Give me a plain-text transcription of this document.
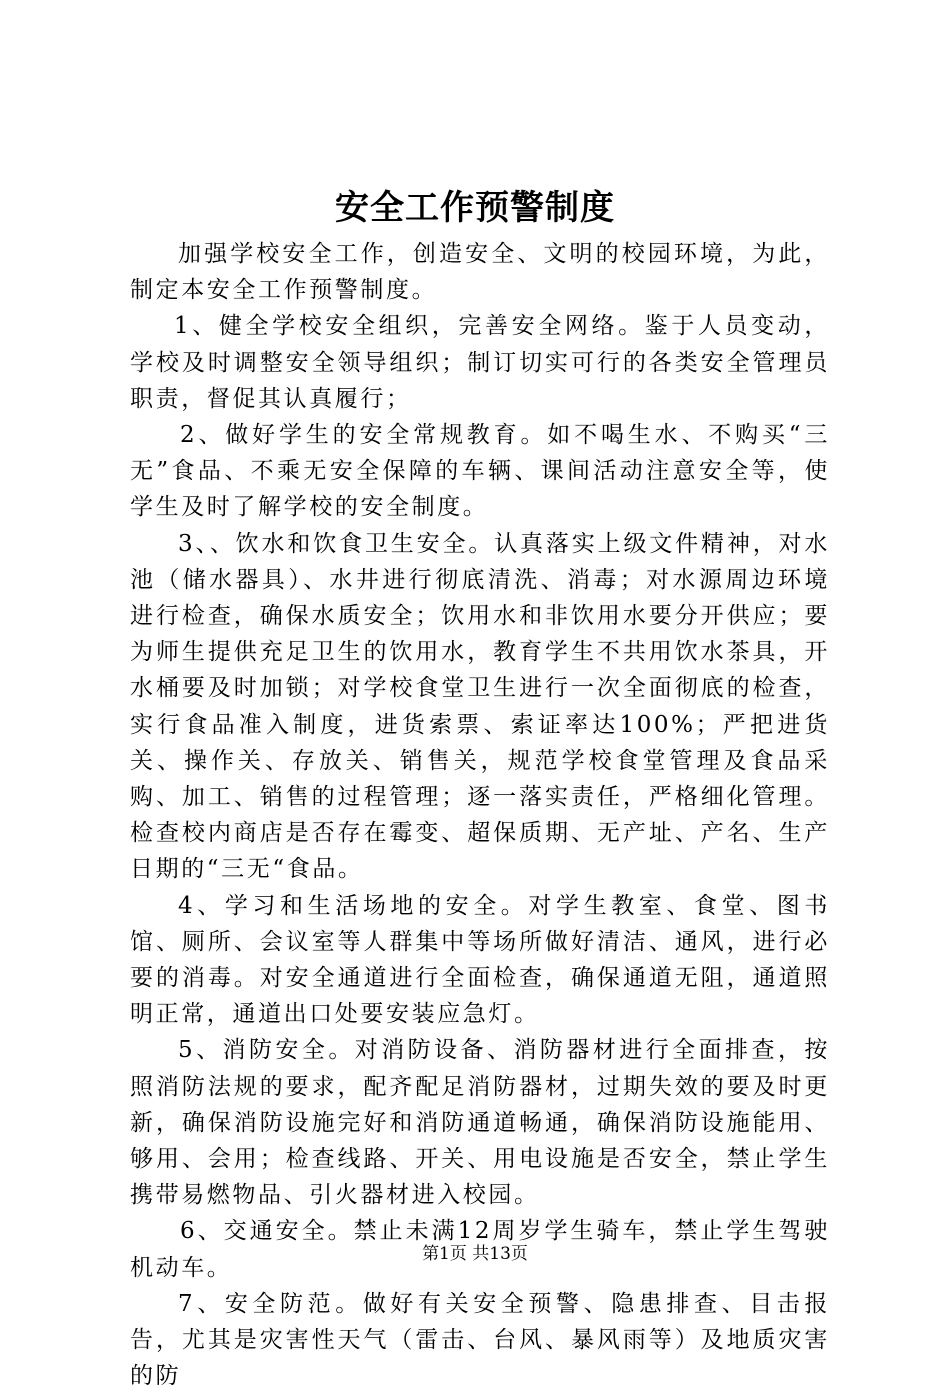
安全工作预警制度

加强学校安全工作，创造安全、文明的校园环境，为此，制定本安全工作预警制度。

1、健全学校安全组织，完善安全网络。鉴于人员变动，学校及时调整安全领导组织；制订切实可行的各类安全管理员职责，督促其认真履行；

2、做好学生的安全常规教育。如不喝生水、不购买“三无”食品、不乘无安全保障的车辆、课间活动注意安全等，使学生及时了解学校的安全制度。

3、、饮水和饮食卫生安全。认真落实上级文件精神，对水池（储水器具）、水井进行彻底清洗、消毒；对水源周边环境进行检查，确保水质安全；饮用水和非饮用水要分开供应；要为师生提供充足卫生的饮用水，教育学生不共用饮水茶具，开水桶要及时加锁；对学校食堂卫生进行一次全面彻底的检查，实行食品准入制度，进货索票、索证率达100%；严把进货关、操作关、存放关、销售关，规范学校食堂管理及食品采购、加工、销售的过程管理；逐一落实责任，严格细化管理。检查校内商店是否存在霉变、超保质期、无产址、产名、生产日期的“三无“食品。

4、学习和生活场地的安全。对学生教室、食堂、图书馆、厕所、会议室等人群集中等场所做好清洁、通风，进行必要的消毒。对安全通道进行全面检查，确保通道无阻，通道照明正常，通道出口处要安装应急灯。

5、消防安全。对消防设备、消防器材进行全面排查，按照消防法规的要求，配齐配足消防器材，过期失效的要及时更新，确保消防设施完好和消防通道畅通，确保消防设施能用、够用、会用；检查线路、开关、用电设施是否安全，禁止学生携带易燃物品、引火器材进入校园。

6、交通安全。禁止未满12周岁学生骑车，禁止学生驾驶机动车。

7、安全防范。做好有关安全预警、隐患排查、目击报告，尤其是灾害性天气（雷击、台风、暴风雨等）及地质灾害的防

第1页 共13页
